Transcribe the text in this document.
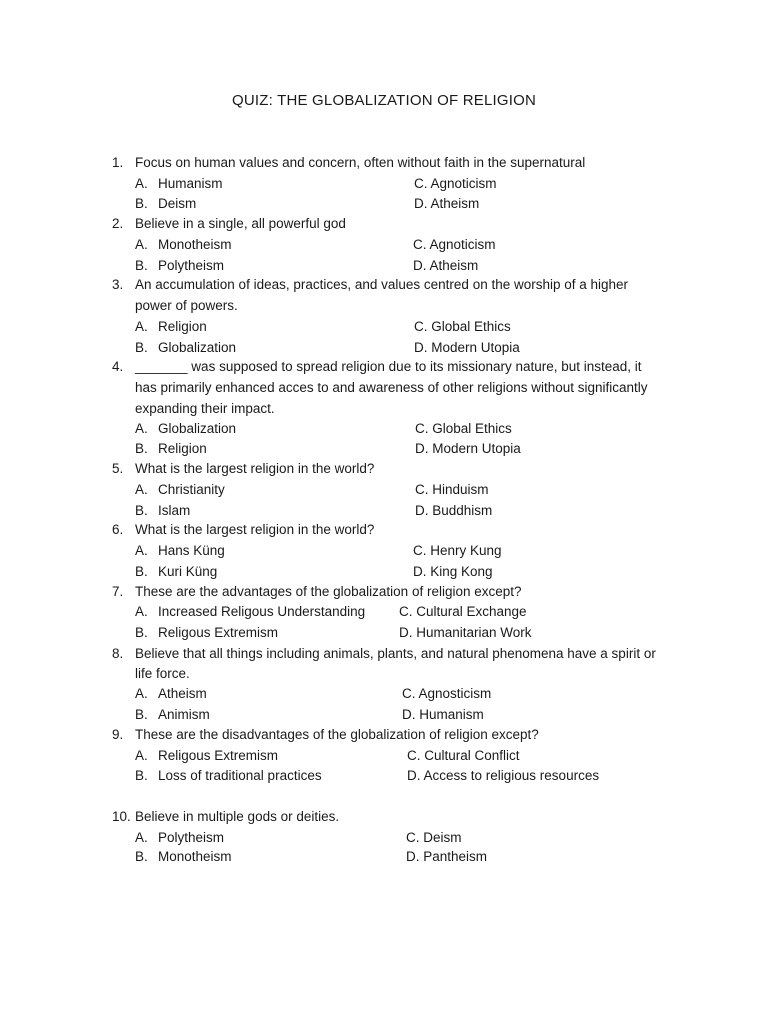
QUIZ: THE GLOBALIZATION OF RELIGION
1. Focus on human values and concern, often without faith in the supernatural
A. Humanism	C. Agnoticism
B. Deism	D. Atheism
2. Believe in a single, all powerful god
A. Monotheism	C. Agnoticism
B. Polytheism	D. Atheism
3. An accumulation of ideas, practices, and values centred on the worship of a higher
power of powers.
A. Religion	C. Global Ethics
B. Globalization	D. Modern Utopia
4. _______ was supposed to spread religion due to its missionary nature, but instead, it
has primarily enhanced acces to and awareness of other religions without significantly
expanding their impact.
A. Globalization	C. Global Ethics
B. Religion	D. Modern Utopia
5. What is the largest religion in the world?
A. Christianity	C. Hinduism
B. Islam	D. Buddhism
6. What is the largest religion in the world?
A. Hans Küng	C. Henry Kung
B. Kuri Küng	D. King Kong
7. These are the advantages of the globalization of religion except?
A. Increased Religous Understanding	C. Cultural Exchange
B. Religous Extremism	D. Humanitarian Work
8. Believe that all things including animals, plants, and natural phenomena have a spirit or
life force.
A. Atheism	C. Agnosticism
B. Animism	D. Humanism
9. These are the disadvantages of the globalization of religion except?
A. Religous Extremism	C. Cultural Conflict
B. Loss of traditional practices	D. Access to religious resources
10. Believe in multiple gods or deities.
A. Polytheism	C. Deism
B. Monotheism	D. Pantheism
